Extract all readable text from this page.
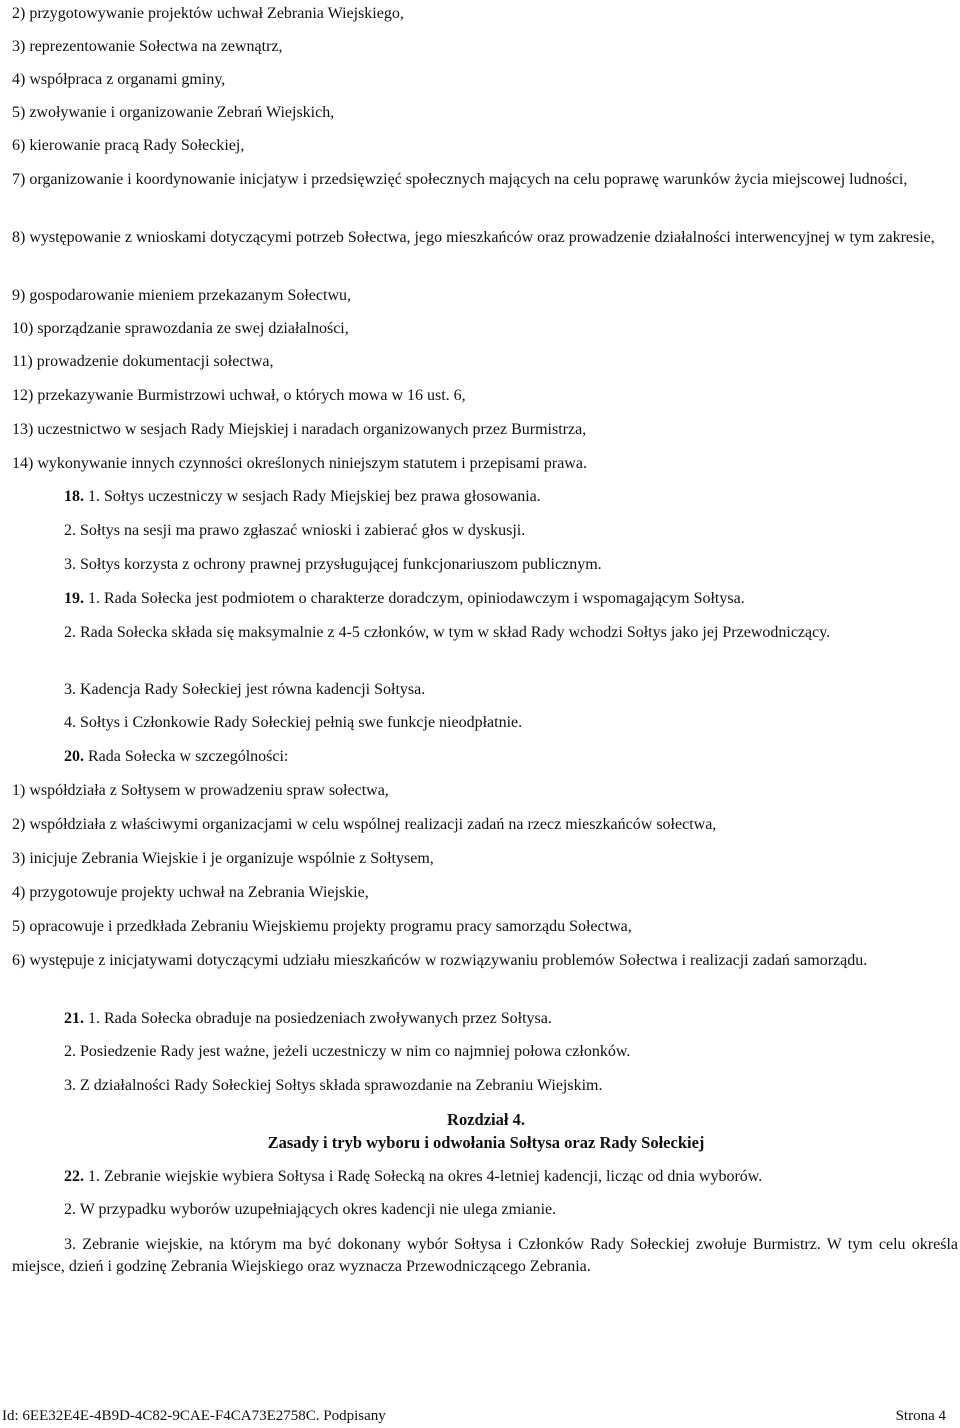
2) przygotowywanie projektów uchwał Zebrania Wiejskiego,
3) reprezentowanie Sołectwa na zewnątrz,
4) współpraca z organami gminy,
5) zwoływanie i organizowanie Zebrań Wiejskich,
6) kierowanie pracą Rady Sołeckiej,
7) organizowanie i koordynowanie inicjatyw i przedsięwzięć społecznych mających na celu poprawę warunków życia miejscowej ludności,
8) występowanie z wnioskami dotyczącymi potrzeb Sołectwa, jego mieszkańców oraz prowadzenie działalności interwencyjnej w tym zakresie,
9) gospodarowanie mieniem przekazanym Sołectwu,
10) sporządzanie sprawozdania ze swej działalności,
11) prowadzenie dokumentacji sołectwa,
12) przekazywanie Burmistrzowi uchwał, o których mowa w 16 ust. 6,
13) uczestnictwo w sesjach Rady Miejskiej i naradach organizowanych przez Burmistrza,
14) wykonywanie innych czynności określonych niniejszym statutem i przepisami prawa.
18. 1. Sołtys uczestniczy w sesjach Rady Miejskiej bez prawa głosowania.
2. Sołtys na sesji ma prawo zgłaszać wnioski i zabierać głos w dyskusji.
3. Sołtys korzysta z ochrony prawnej przysługującej funkcjonariuszom publicznym.
19. 1. Rada Sołecka jest podmiotem o charakterze doradczym, opiniodawczym i wspomagającym Sołtysa.
2. Rada Sołecka składa się maksymalnie z 4-5 członków, w tym w skład Rady wchodzi Sołtys jako jej Przewodniczący.
3. Kadencja Rady Sołeckiej jest równa kadencji Sołtysa.
4. Sołtys i Członkowie Rady Sołeckiej pełnią swe funkcje nieodpłatnie.
20. Rada Sołecka w szczególności:
1) współdziała z Sołtysem w prowadzeniu spraw sołectwa,
2) współdziała z właściwymi organizacjami w celu wspólnej realizacji zadań na rzecz mieszkańców sołectwa,
3) inicjuje Zebrania Wiejskie i je organizuje wspólnie z Sołtysem,
4) przygotowuje projekty uchwał na Zebrania Wiejskie,
5) opracowuje i przedkłada Zebraniu Wiejskiemu projekty programu pracy samorządu Sołectwa,
6) występuje z inicjatywami dotyczącymi udziału mieszkańców w rozwiązywaniu problemów Sołectwa i realizacji zadań samorządu.
21. 1. Rada Sołecka obraduje na posiedzeniach zwoływanych przez Sołtysa.
2. Posiedzenie Rady jest ważne, jeżeli uczestniczy w nim co najmniej połowa członków.
3. Z działalności Rady Sołeckiej Sołtys składa sprawozdanie na Zebraniu Wiejskim.
Rozdział 4.
Zasady i tryb wyboru i odwołania Sołtysa oraz Rady Sołeckiej
22. 1. Zebranie wiejskie wybiera Sołtysa i Radę Sołecką na okres 4-letniej kadencji, licząc od dnia wyborów.
2. W przypadku wyborów uzupełniających okres kadencji nie ulega zmianie.
3. Zebranie wiejskie, na którym ma być dokonany wybór Sołtysa i Członków Rady Sołeckiej zwołuje Burmistrz. W tym celu określa miejsce, dzień i godzinę Zebrania Wiejskiego oraz wyznacza Przewodniczącego Zebrania.
Id: 6EE32E4E-4B9D-4C82-9CAE-F4CA73E2758C. Podpisany	Strona 4
